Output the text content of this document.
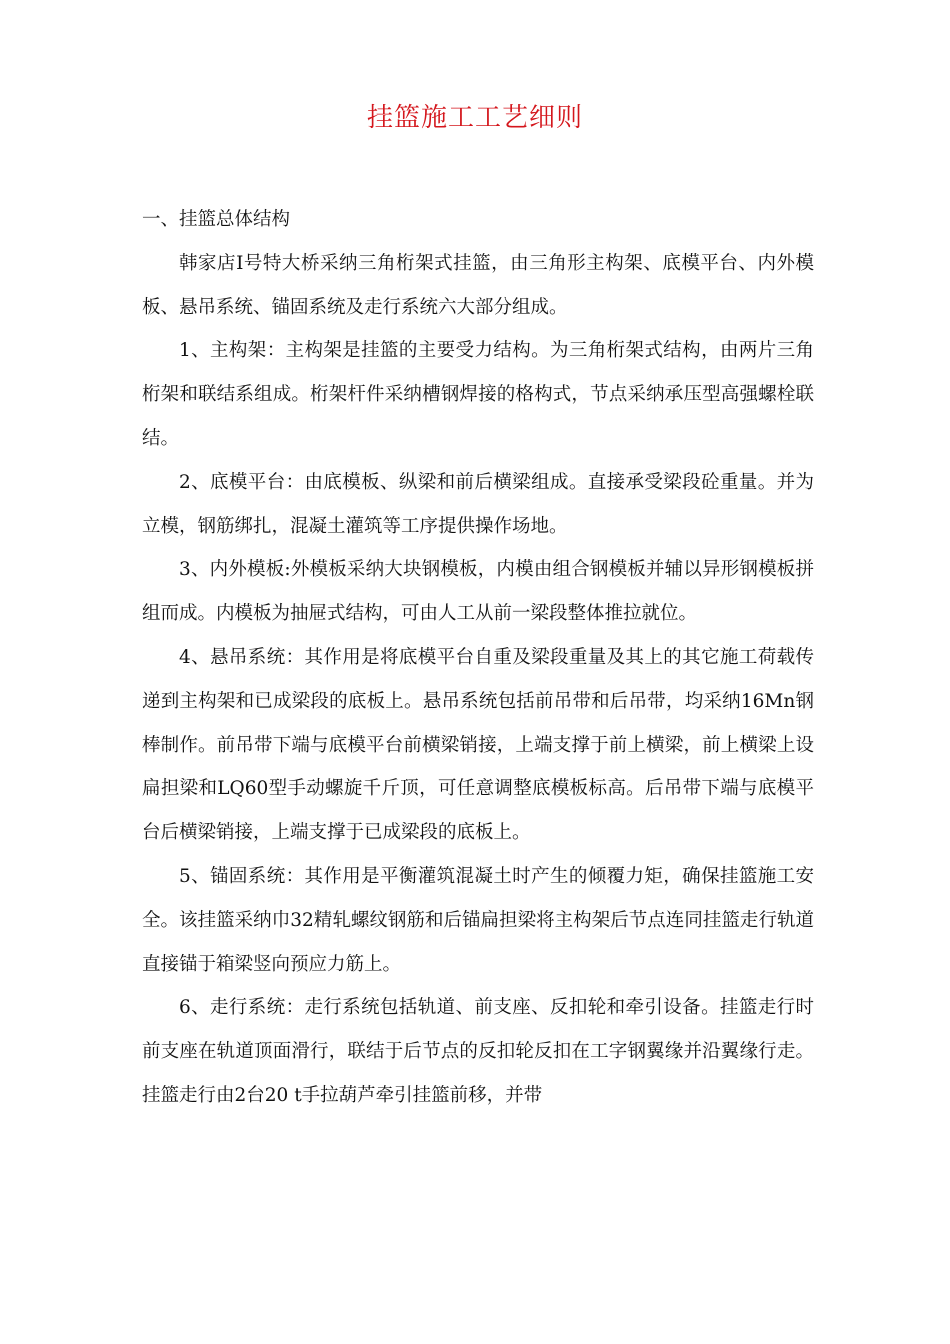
挂篮施工工艺细则

一、挂篮总体结构

韩家店Ⅰ号特大桥采纳三角桁架式挂篮，由三角形主构架、底模平台、内外模板、悬吊系统、锚固系统及走行系统六大部分组成。

1、主构架：主构架是挂篮的主要受力结构。为三角桁架式结构，由两片三角桁架和联结系组成。桁架杆件采纳槽钢焊接的格构式，节点采纳承压型高强螺栓联结。

2、底模平台：由底模板、纵梁和前后横梁组成。直接承受梁段砼重量。并为立模，钢筋绑扎，混凝土灌筑等工序提供操作场地。

3、内外模板:外模板采纳大块钢模板，内模由组合钢模板并辅以异形钢模板拼组而成。内模板为抽屉式结构，可由人工从前一梁段整体推拉就位。

4、悬吊系统：其作用是将底模平台自重及梁段重量及其上的其它施工荷载传递到主构架和已成梁段的底板上。悬吊系统包括前吊带和后吊带，均采纳16Mn钢棒制作。前吊带下端与底模平台前横梁销接，上端支撑于前上横梁，前上横梁上设扁担梁和LQ60型手动螺旋千斤顶，可任意调整底模板标高。后吊带下端与底模平台后横梁销接，上端支撑于已成梁段的底板上。

5、锚固系统：其作用是平衡灌筑混凝土时产生的倾覆力矩，确保挂篮施工安全。该挂篮采纳巾32精轧螺纹钢筋和后锚扁担梁将主构架后节点连同挂篮走行轨道直接锚于箱梁竖向预应力筋上。

6、走行系统：走行系统包括轨道、前支座、反扣轮和牵引设备。挂篮走行时前支座在轨道顶面滑行，联结于后节点的反扣轮反扣在工字钢翼缘并沿翼缘行走。挂篮走行由2台20 t手拉葫芦牵引挂篮前移，并带
